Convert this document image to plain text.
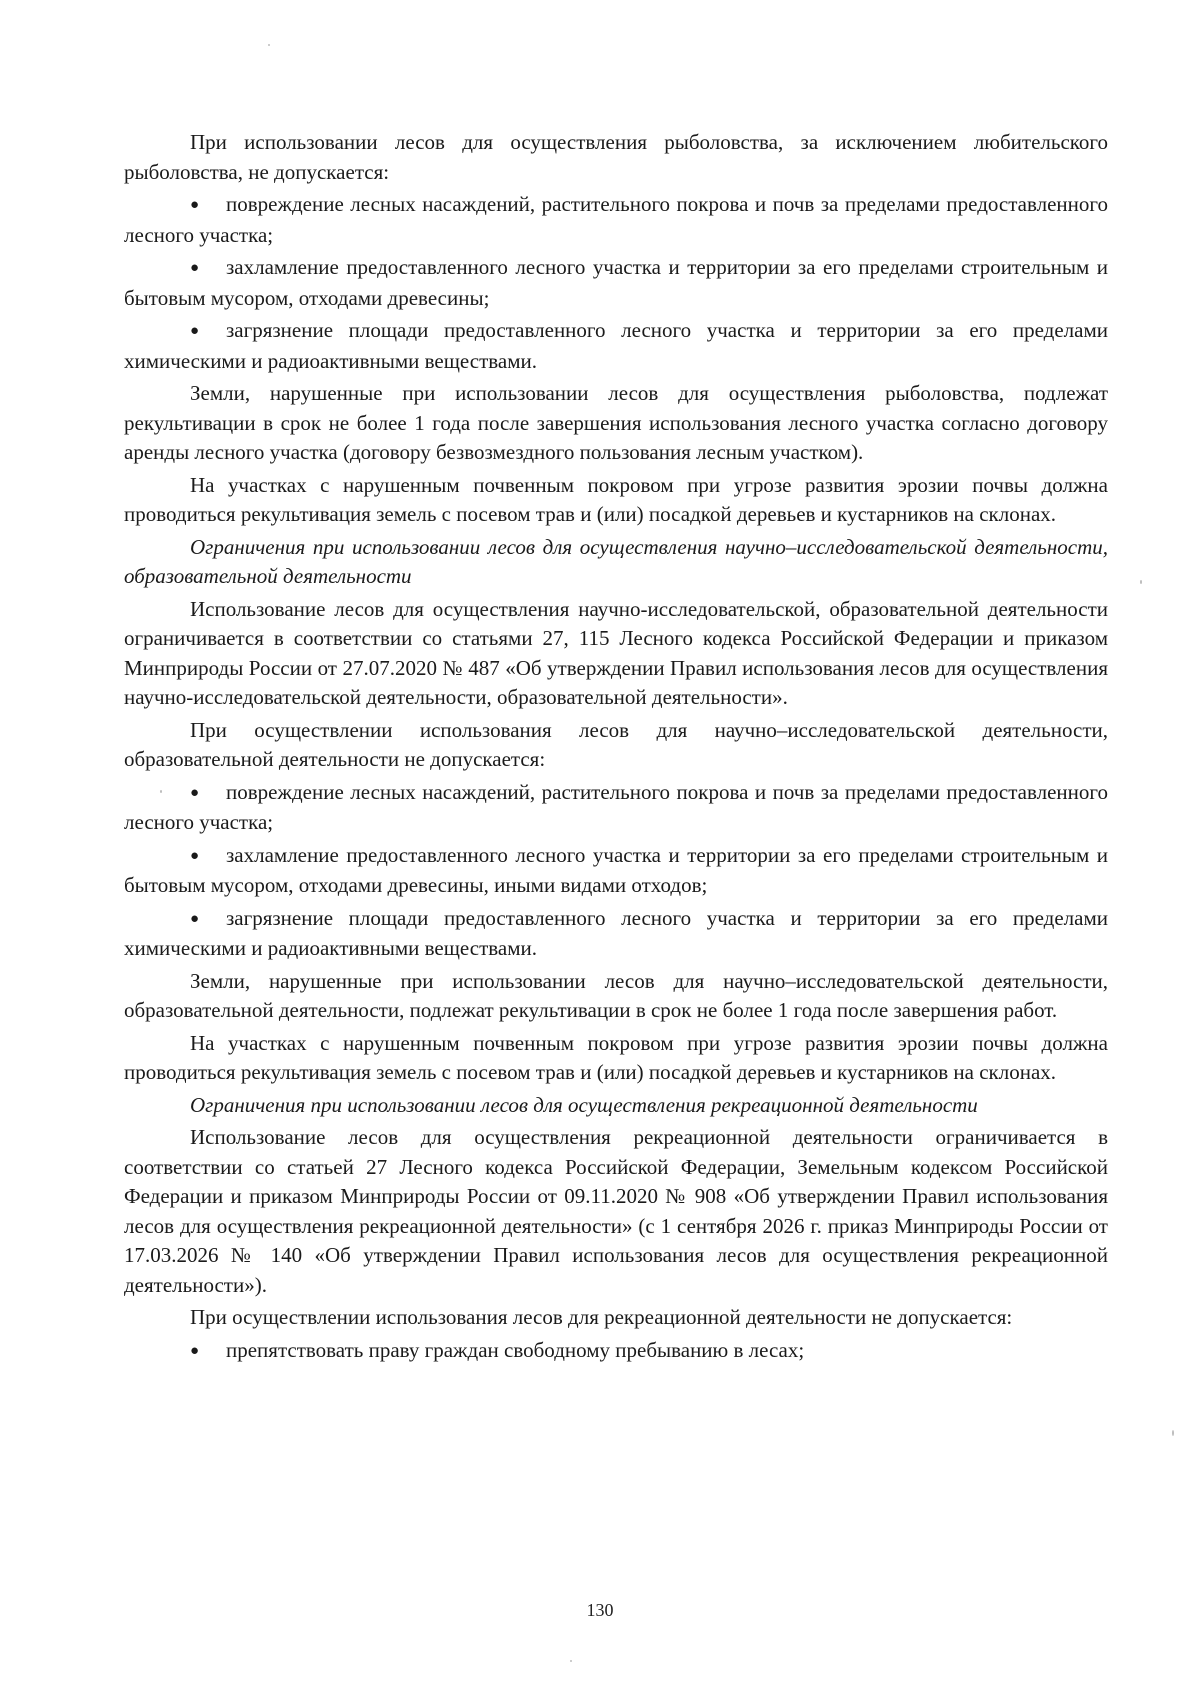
При использовании лесов для осуществления рыболовства, за исключением любительского рыболовства, не допускается:

● повреждение лесных насаждений, растительного покрова и почв за пределами предоставленного лесного участка;

● захламление предоставленного лесного участка и территории за его пределами строительным и бытовым мусором, отходами древесины;

● загрязнение площади предоставленного лесного участка и территории за его пределами химическими и радиоактивными веществами.

Земли, нарушенные при использовании лесов для осуществления рыболовства, подлежат рекультивации в срок не более 1 года после завершения использования лесного участка согласно договору аренды лесного участка (договору безвозмездного пользования лесным участком).

На участках с нарушенным почвенным покровом при угрозе развития эрозии почвы должна проводиться рекультивация земель с посевом трав и (или) посадкой деревьев и кустарников на склонах.

Ограничения при использовании лесов для осуществления научно–исследовательской деятельности, образовательной деятельности

Использование лесов для осуществления научно-исследовательской, образовательной деятельности ограничивается в соответствии со статьями 27, 115 Лесного кодекса Российской Федерации и приказом Минприроды России от 27.07.2020 № 487 «Об утверждении Правил использования лесов для осуществления научно-исследовательской деятельности, образовательной деятельности».

При осуществлении использования лесов для научно–исследовательской деятельности, образовательной деятельности не допускается:

● повреждение лесных насаждений, растительного покрова и почв за пределами предоставленного лесного участка;

● захламление предоставленного лесного участка и территории за его пределами строительным и бытовым мусором, отходами древесины, иными видами отходов;

● загрязнение площади предоставленного лесного участка и территории за его пределами химическими и радиоактивными веществами.

Земли, нарушенные при использовании лесов для научно–исследовательской деятельности, образовательной деятельности, подлежат рекультивации в срок не более 1 года после завершения работ.

На участках с нарушенным почвенным покровом при угрозе развития эрозии почвы должна проводиться рекультивация земель с посевом трав и (или) посадкой деревьев и кустарников на склонах.

Ограничения при использовании лесов для осуществления рекреационной деятельности

Использование лесов для осуществления рекреационной деятельности ограничивается в соответствии со статьей 27 Лесного кодекса Российской Федерации, Земельным кодексом Российской Федерации и приказом Минприроды России от 09.11.2020 № 908 «Об утверждении Правил использования лесов для осуществления рекреационной деятельности» (с 1 сентября 2026 г. приказ Минприроды России от 17.03.2026 № 140 «Об утверждении Правил использования лесов для осуществления рекреационной деятельности»).

При осуществлении использования лесов для рекреационной деятельности не допускается:

● препятствовать праву граждан свободному пребыванию в лесах;

130
